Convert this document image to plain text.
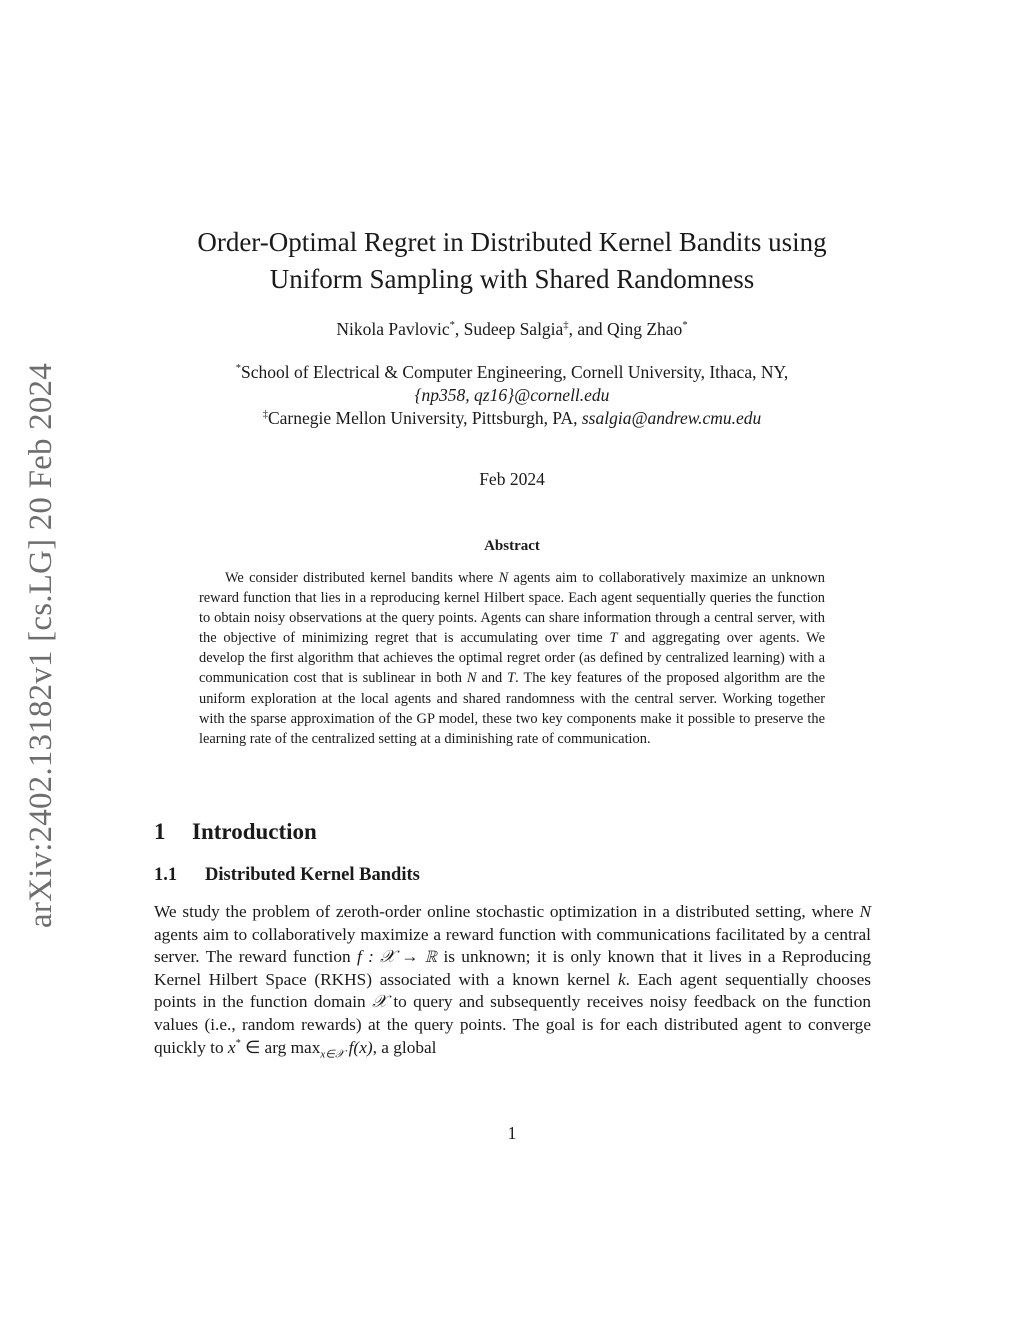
arXiv:2402.13182v1 [cs.LG] 20 Feb 2024
Order-Optimal Regret in Distributed Kernel Bandits using
Uniform Sampling with Shared Randomness
Nikola Pavlovic*, Sudeep Salgia‡, and Qing Zhao*
*School of Electrical & Computer Engineering, Cornell University, Ithaca, NY,
{np358, qz16}@cornell.edu
‡Carnegie Mellon University, Pittsburgh, PA, ssalgia@andrew.cmu.edu
Feb 2024
Abstract

We consider distributed kernel bandits where N agents aim to collaboratively maximize an unknown reward function that lies in a reproducing kernel Hilbert space. Each agent sequentially queries the function to obtain noisy observations at the query points. Agents can share information through a central server, with the objective of minimizing regret that is accumulating over time T and aggregating over agents. We develop the first algorithm that achieves the optimal regret order (as defined by centralized learning) with a communication cost that is sublinear in both N and T. The key features of the proposed algorithm are the uniform exploration at the local agents and shared randomness with the central server. Working together with the sparse approximation of the GP model, these two key components make it possible to preserve the learning rate of the centralized setting at a diminishing rate of communication.

1 Introduction
1.1 Distributed Kernel Bandits

We study the problem of zeroth-order online stochastic optimization in a distributed setting, where N agents aim to collaboratively maximize a reward function with communications facilitated by a central server. The reward function f : 𝒳 → ℝ is unknown; it is only known that it lives in a Reproducing Kernel Hilbert Space (RKHS) associated with a known kernel k. Each agent sequentially chooses points in the function domain 𝒳 to query and subsequently receives noisy feedback on the function values (i.e., random rewards) at the query points. The goal is for each distributed agent to converge quickly to x* ∈ arg $\max_{x\in 𝒳} f(x)$, a global

1
